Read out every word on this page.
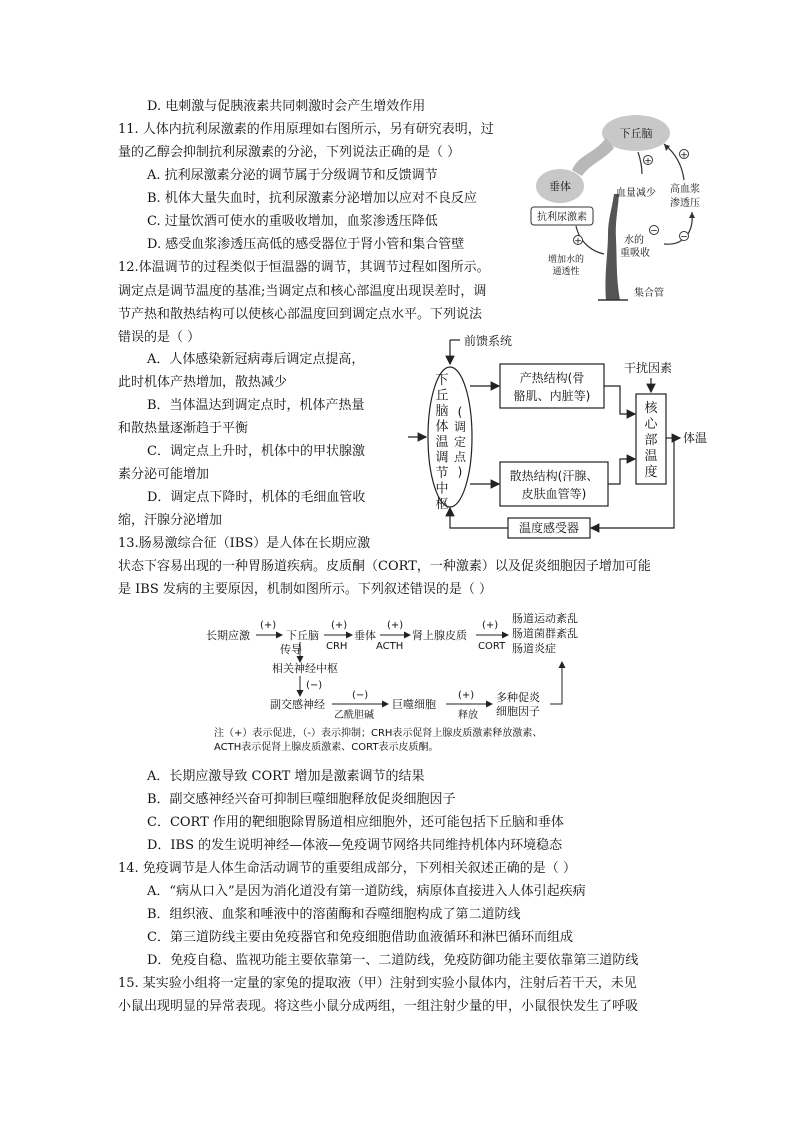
D. 电刺激与促胰液素共同刺激时会产生增效作用
11. 人体内抗利尿激素的作用原理如右图所示，另有研究表明，过
量的乙醇会抑制抗利尿激素的分泌，下列说法正确的是（ ）
A. 抗利尿激素分泌的调节属于分级调节和反馈调节
B. 机体大量失血时，抗利尿激素分泌增加以应对不良反应
C. 过量饮酒可使水的重吸收增加，血浆渗透压降低
D. 感受血浆渗透压高低的感受器位于肾小管和集合管壁
下丘脑
垂体
抗利尿激素
+
增加水的
通透性
集合管
血量减少 高血浆
渗透压
水的
重吸收
+
+
−
−
12.体温调节的过程类似于恒温器的调节，其调节过程如图所示。
调定点是调节温度的基准;当调定点和核心部温度出现误差时，调
节产热和散热结构可以使核心部温度回到调定点水平。下列说法
错误的是（ ）
A．人体感染新冠病毒后调定点提高，
此时机体产热增加，散热减少
B．当体温达到调定点时，机体产热量
和散热量逐渐趋于平衡
C．调定点上升时，机体中的甲状腺激
素分泌可能增加
D．调定点下降时，机体的毛细血管收
缩，汗腺分泌增加
前馈系统
下
丘
脑
体
温
调
节
中
枢
(
调
定
点
)
产热结构(骨
骼肌、内脏等)
散热结构(汗腺、
皮肤血管等)
干扰因素
核
心
部
温
度
体温
温度感受器
13.肠易激综合征（IBS）是人体在长期应激
状态下容易出现的一种胃肠道疾病。皮质酮（CORT，一种激素）以及促炎细胞因子增加可能
是 IBS 发病的主要原因，机制如图所示。下列叙述错误的是（ ）
长期应激
(+)
下丘脑
(+)
CRH
垂体
(+)
ACTH
肾上腺皮质
(+)
CORT
肠道运动紊乱
肠道菌群紊乱
肠道炎症
传导
相关神经中枢
(−)
副交感神经
(−)
乙酰胆碱
巨噬细胞
(+)
释放
多种促炎
细胞因子
注（+）表示促进，（-）表示抑制；CRH表示促肾上腺皮质激素释放激素、
ACTH表示促肾上腺皮质激素、CORT表示皮质酮。
A．长期应激导致 CORT 增加是激素调节的结果
B．副交感神经兴奋可抑制巨噬细胞释放促炎细胞因子
C．CORT 作用的靶细胞除胃肠道相应细胞外，还可能包括下丘脑和垂体
D．IBS 的发生说明神经—体液—免疫调节网络共同维持机体内环境稳态
14. 免疫调节是人体生命活动调节的重要组成部分，下列相关叙述正确的是（ ）
A．“病从口入”是因为消化道没有第一道防线，病原体直接进入人体引起疾病
B．组织液、血浆和唾液中的溶菌酶和吞噬细胞构成了第二道防线
C．第三道防线主要由免疫器官和免疫细胞借助血液循环和淋巴循环而组成
D．免疫自稳、监视功能主要依靠第一、二道防线，免疫防御功能主要依靠第三道防线
15. 某实验小组将一定量的家兔的提取液（甲）注射到实验小鼠体内，注射后若干天，未见
小鼠出现明显的异常表现。将这些小鼠分成两组，一组注射少量的甲，小鼠很快发生了呼吸
